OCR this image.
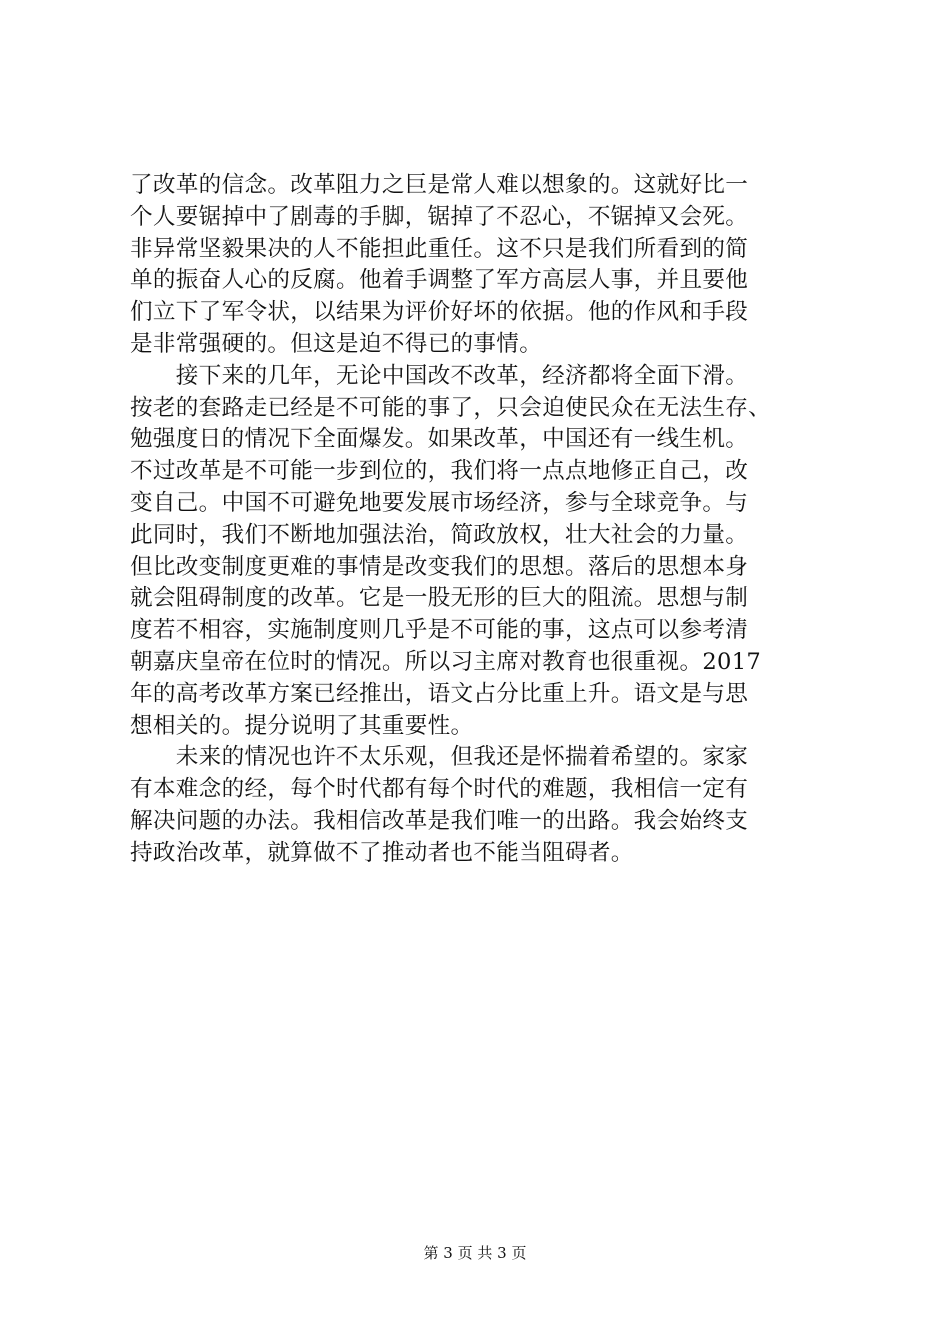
了改革的信念。改革阻力之巨是常人难以想象的。这就好比一
个人要锯掉中了剧毒的手脚，锯掉了不忍心，不锯掉又会死。
非异常坚毅果决的人不能担此重任。这不只是我们所看到的简
单的振奋人心的反腐。他着手调整了军方高层人事，并且要他
们立下了军令状，以结果为评价好坏的依据。他的作风和手段
是非常强硬的。但这是迫不得已的事情。
　　接下来的几年，无论中国改不改革，经济都将全面下滑。
按老的套路走已经是不可能的事了，只会迫使民众在无法生存、
勉强度日的情况下全面爆发。如果改革，中国还有一线生机。
不过改革是不可能一步到位的，我们将一点点地修正自己，改
变自己。中国不可避免地要发展市场经济，参与全球竞争。与
此同时，我们不断地加强法治，简政放权，壮大社会的力量。
但比改变制度更难的事情是改变我们的思想。落后的思想本身
就会阻碍制度的改革。它是一股无形的巨大的阻流。思想与制
度若不相容，实施制度则几乎是不可能的事，这点可以参考清
朝嘉庆皇帝在位时的情况。所以习主席对教育也很重视。2017
年的高考改革方案已经推出，语文占分比重上升。语文是与思
想相关的。提分说明了其重要性。
　　未来的情况也许不太乐观，但我还是怀揣着希望的。家家
有本难念的经，每个时代都有每个时代的难题，我相信一定有
解决问题的办法。我相信改革是我们唯一的出路。我会始终支
持政治改革，就算做不了推动者也不能当阻碍者。
第 3 页 共 3 页
